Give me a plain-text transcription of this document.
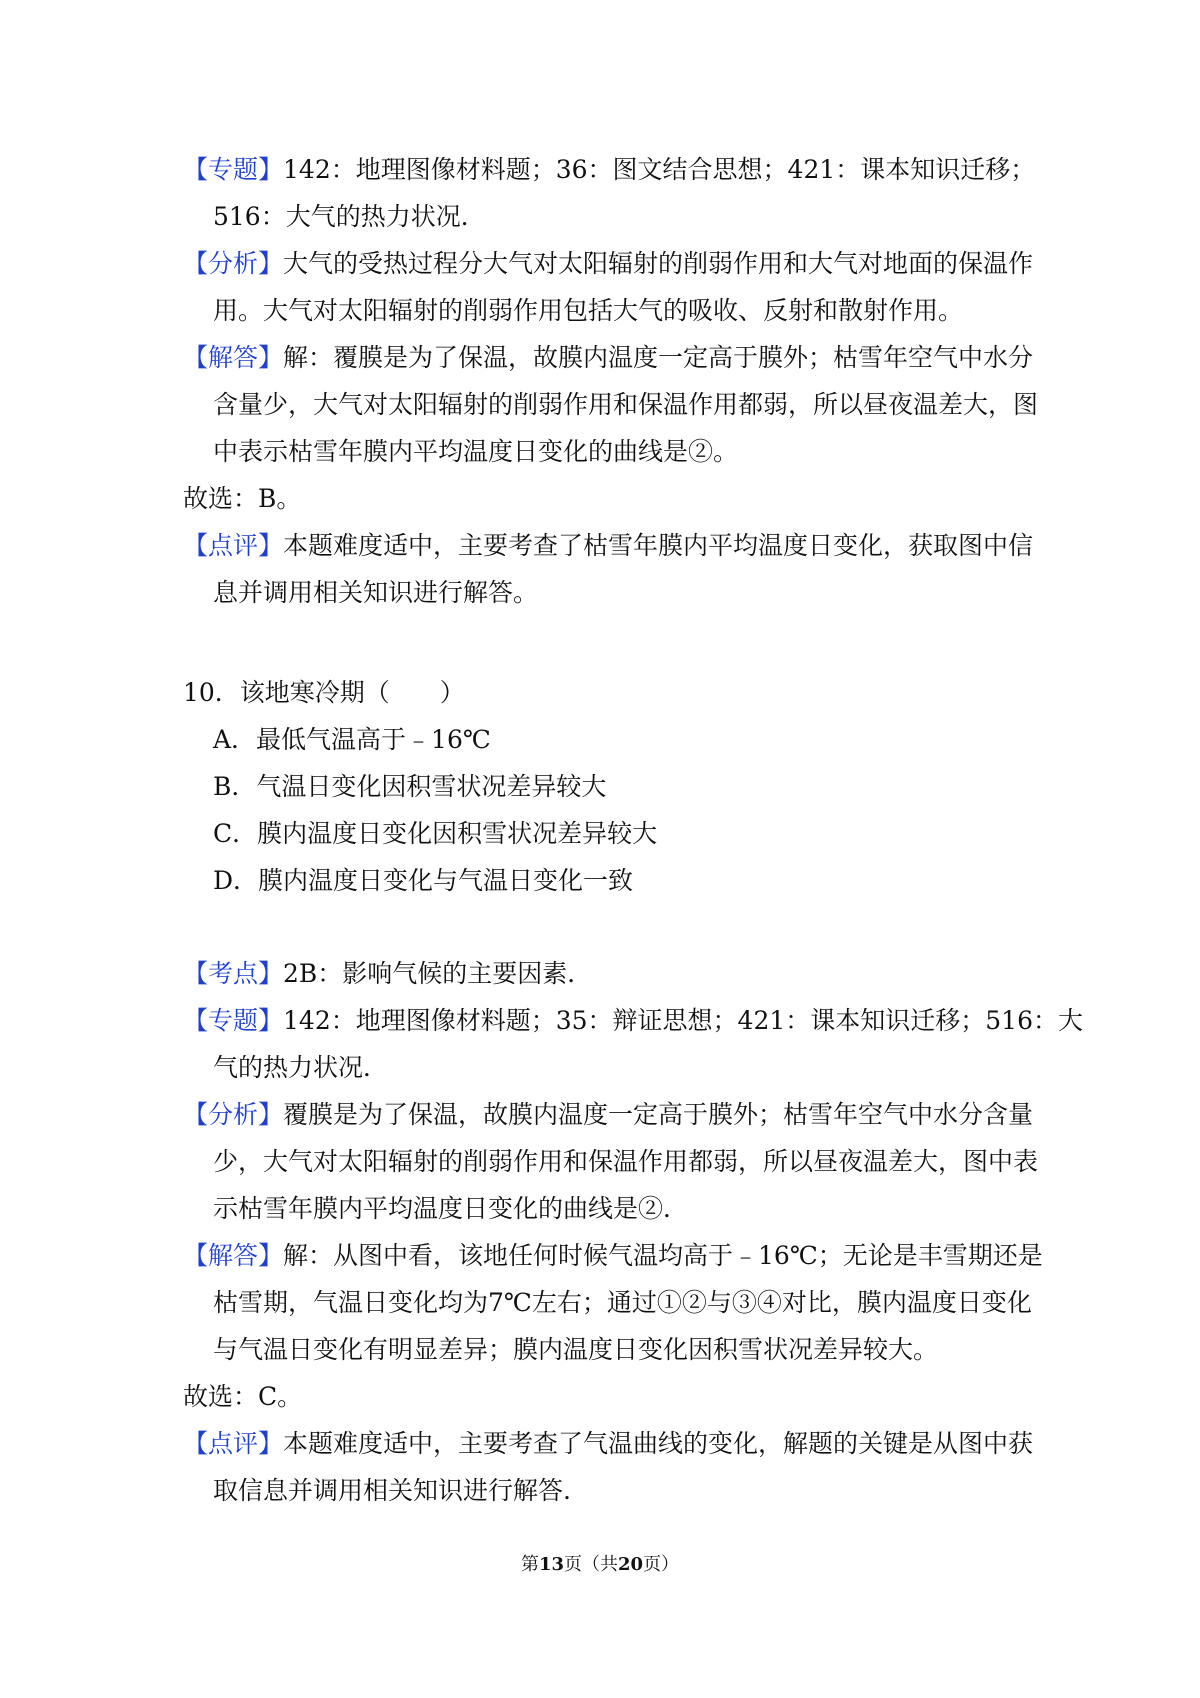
【专题】142：地理图像材料题；36：图文结合思想；421：课本知识迁移；
516：大气的热力状况．
【分析】大气的受热过程分大气对太阳辐射的削弱作用和大气对地面的保温作
用。大气对太阳辐射的削弱作用包括大气的吸收、反射和散射作用。
【解答】解：覆膜是为了保温，故膜内温度一定高于膜外；枯雪年空气中水分
含量少，大气对太阳辐射的削弱作用和保温作用都弱，所以昼夜温差大，图
中表示枯雪年膜内平均温度日变化的曲线是②。
故选：B。
【点评】本题难度适中，主要考查了枯雪年膜内平均温度日变化，获取图中信
息并调用相关知识进行解答。
10．该地寒冷期（　　）
A．最低气温高于﹣16℃
B．气温日变化因积雪状况差异较大
C．膜内温度日变化因积雪状况差异较大
D．膜内温度日变化与气温日变化一致
【考点】2B：影响气候的主要因素．
【专题】142：地理图像材料题；35：辩证思想；421：课本知识迁移；516：大
气的热力状况．
【分析】覆膜是为了保温，故膜内温度一定高于膜外；枯雪年空气中水分含量
少，大气对太阳辐射的削弱作用和保温作用都弱，所以昼夜温差大，图中表
示枯雪年膜内平均温度日变化的曲线是②．
【解答】解：从图中看，该地任何时候气温均高于﹣16℃；无论是丰雪期还是
枯雪期，气温日变化均为7℃左右；通过①②与③④对比，膜内温度日变化
与气温日变化有明显差异；膜内温度日变化因积雪状况差异较大。
故选：C。
【点评】本题难度适中，主要考查了气温曲线的变化，解题的关键是从图中获
取信息并调用相关知识进行解答.
第13页（共20页）
